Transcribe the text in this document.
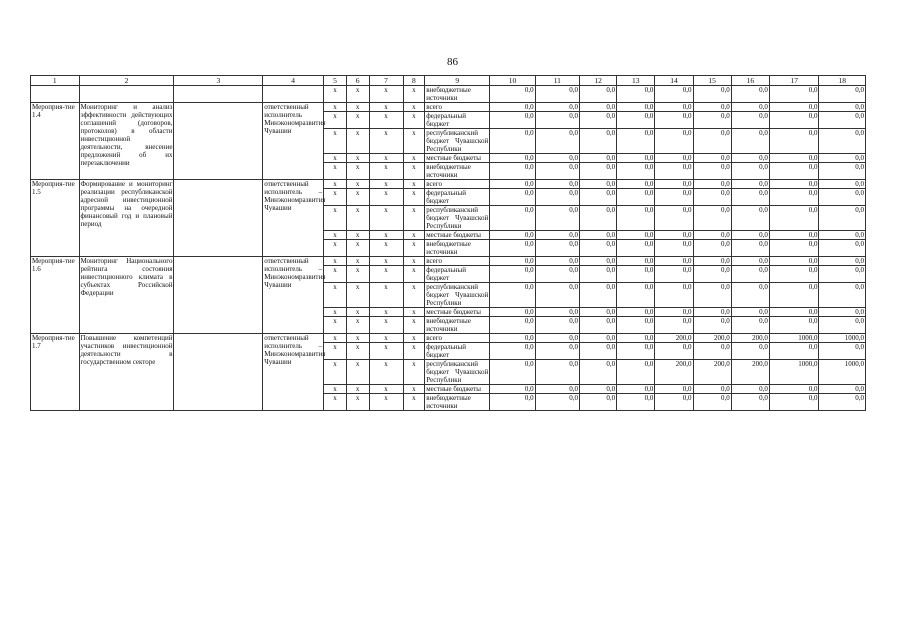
86
1	2	3	4	5	6	7	8	9	10	11	12	13	14	15	16	17	18
				x	x	x	x	внебюджетные источники	0,0	0,0	0,0	0,0	0,0	0,0	0,0	0,0	0,0
Мероприя-тие 1.4	Мониторинг и анализ эффективности действующих соглашений (договоров, протоколов) в области инвестиционной деятельности, внесение предложений об их перезаключении		ответственный исполнитель Минэкономразвития Чувашии	x	x	x	x	всего	0,0	0,0	0,0	0,0	0,0	0,0	0,0	0,0	0,0
				x	x	x	x	федеральный бюджет	0,0	0,0	0,0	0,0	0,0	0,0	0,0	0,0	0,0
				x	x	x	x	республиканский бюджет Чувашской Республики	0,0	0,0	0,0	0,0	0,0	0,0	0,0	0,0	0,0
				x	x	x	x	местные бюджеты	0,0	0,0	0,0	0,0	0,0	0,0	0,0	0,0	0,0
				x	x	x	x	внебюджетные источники	0,0	0,0	0,0	0,0	0,0	0,0	0,0	0,0	0,0
Мероприя-тие 1.5	Формирование и мониторинг реализации республиканской адресной инвестиционной программы на очередной финансовый год и плановый период		ответственный исполнитель – Минэкономразвития Чувашии	x	x	x	x	всего	0,0	0,0	0,0	0,0	0,0	0,0	0,0	0,0	0,0
				x	x	x	x	федеральный бюджет	0,0	0,0	0,0	0,0	0,0	0,0	0,0	0,0	0,0
				x	x	x	x	республиканский бюджет Чувашской Республики	0,0	0,0	0,0	0,0	0,0	0,0	0,0	0,0	0,0
				x	x	x	x	местные бюджеты	0,0	0,0	0,0	0,0	0,0	0,0	0,0	0,0	0,0
				x	x	x	x	внебюджетные источники	0,0	0,0	0,0	0,0	0,0	0,0	0,0	0,0	0,0
Мероприя-тие 1.6	Мониторинг Национального рейтинга состояния инвестиционного климата в субъектах Российской Федерации		ответственный исполнитель – Минэкономразвития Чувашии	x	x	x	x	всего	0,0	0,0	0,0	0,0	0,0	0,0	0,0	0,0	0,0
				x	x	x	x	федеральный бюджет	0,0	0,0	0,0	0,0	0,0	0,0	0,0	0,0	0,0
				x	x	x	x	республиканский бюджет Чувашской Республики	0,0	0,0	0,0	0,0	0,0	0,0	0,0	0,0	0,0
				x	x	x	x	местные бюджеты	0,0	0,0	0,0	0,0	0,0	0,0	0,0	0,0	0,0
				x	x	x	x	внебюджетные источники	0,0	0,0	0,0	0,0	0,0	0,0	0,0	0,0	0,0
Мероприя-тие 1.7	Повышение компетенций участников инвестиционной деятельности в государственном секторе		ответственный исполнитель – Минэкономразвития Чувашии	x	x	x	x	всего	0,0	0,0	0,0	0,0	200,0	200,0	200,0	1000,0	1000,0
				x	x	x	x	федеральный бюджет	0,0	0,0	0,0	0,0	0,0	0,0	0,0	0,0	0,0
				x	x	x	x	республиканский бюджет Чувашской Республики	0,0	0,0	0,0	0,0	200,0	200,0	200,0	1000,0	1000,0
				x	x	x	x	местные бюджеты	0,0	0,0	0,0	0,0	0,0	0,0	0,0	0,0	0,0
				x	x	x	x	внебюджетные источники	0,0	0,0	0,0	0,0	0,0	0,0	0,0	0,0	0,0
